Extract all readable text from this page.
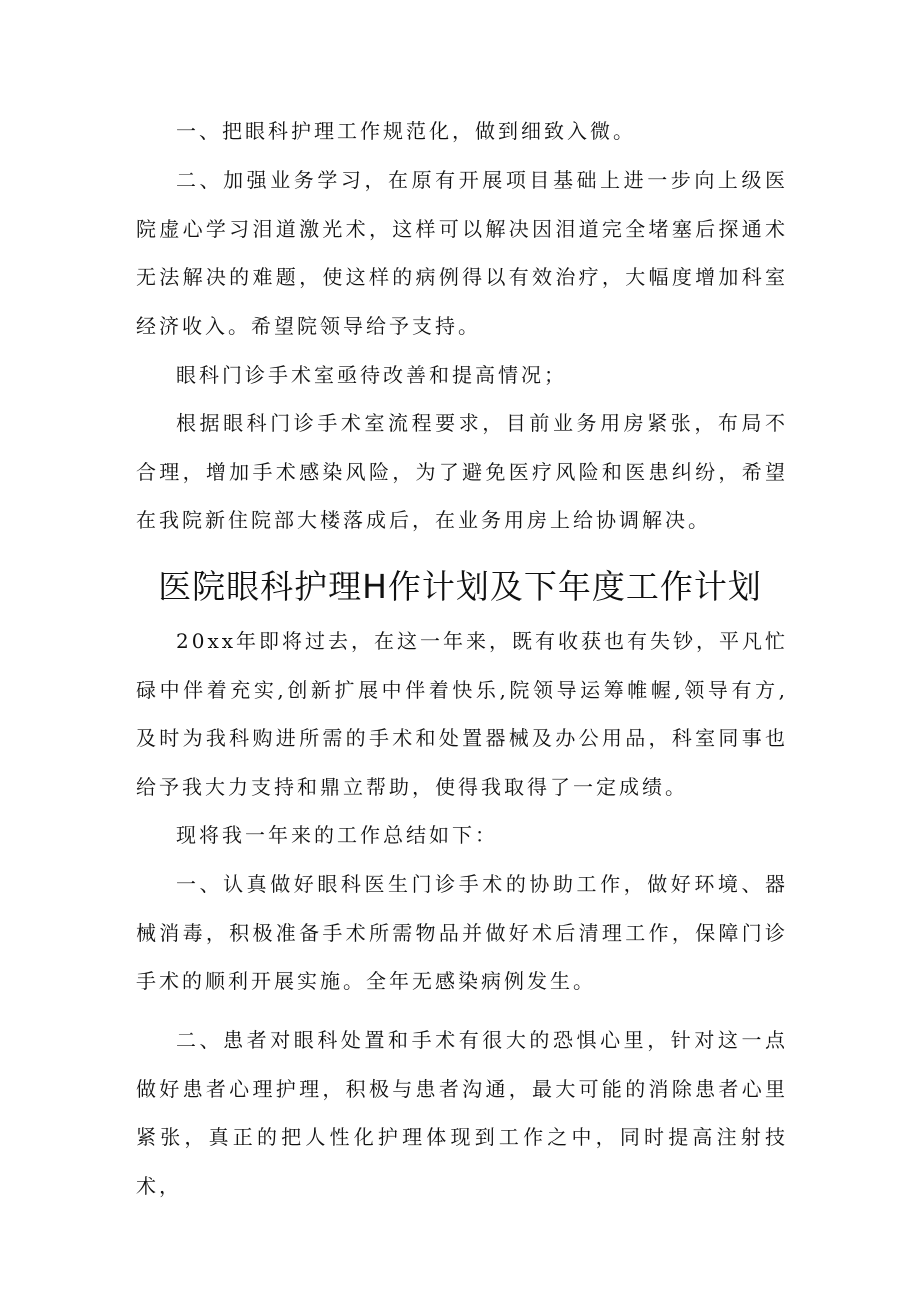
一、把眼科护理工作规范化，做到细致入微。

二、加强业务学习，在原有开展项目基础上进一步向上级医院虚心学习泪道激光术，这样可以解决因泪道完全堵塞后探通术无法解决的难题，使这样的病例得以有效治疗，大幅度增加科室经济收入。希望院领导给予支持。

眼科门诊手术室亟待改善和提高情况；

根据眼科门诊手术室流程要求，目前业务用房紧张，布局不合理，增加手术感染风险，为了避免医疗风险和医患纠纷，希望在我院新住院部大楼落成后，在业务用房上给协调解决。

医院眼科护理H作计划及下年度工作计划

20xx年即将过去，在这一年来，既有收获也有失钞，平凡忙碌中伴着充实,创新扩展中伴着快乐,院领导运筹帷幄,领导有方,及时为我科购进所需的手术和处置器械及办公用品，科室同事也给予我大力支持和鼎立帮助，使得我取得了一定成绩。

现将我一年来的工作总结如下：

一、认真做好眼科医生门诊手术的协助工作，做好环境、器械消毒，积极准备手术所需物品并做好术后清理工作，保障门诊手术的顺利开展实施。全年无感染病例发生。

二、患者对眼科处置和手术有很大的恐惧心里，针对这一点做好患者心理护理，积极与患者沟通，最大可能的消除患者心里紧张，真正的把人性化护理体现到工作之中，同时提高注射技术，
